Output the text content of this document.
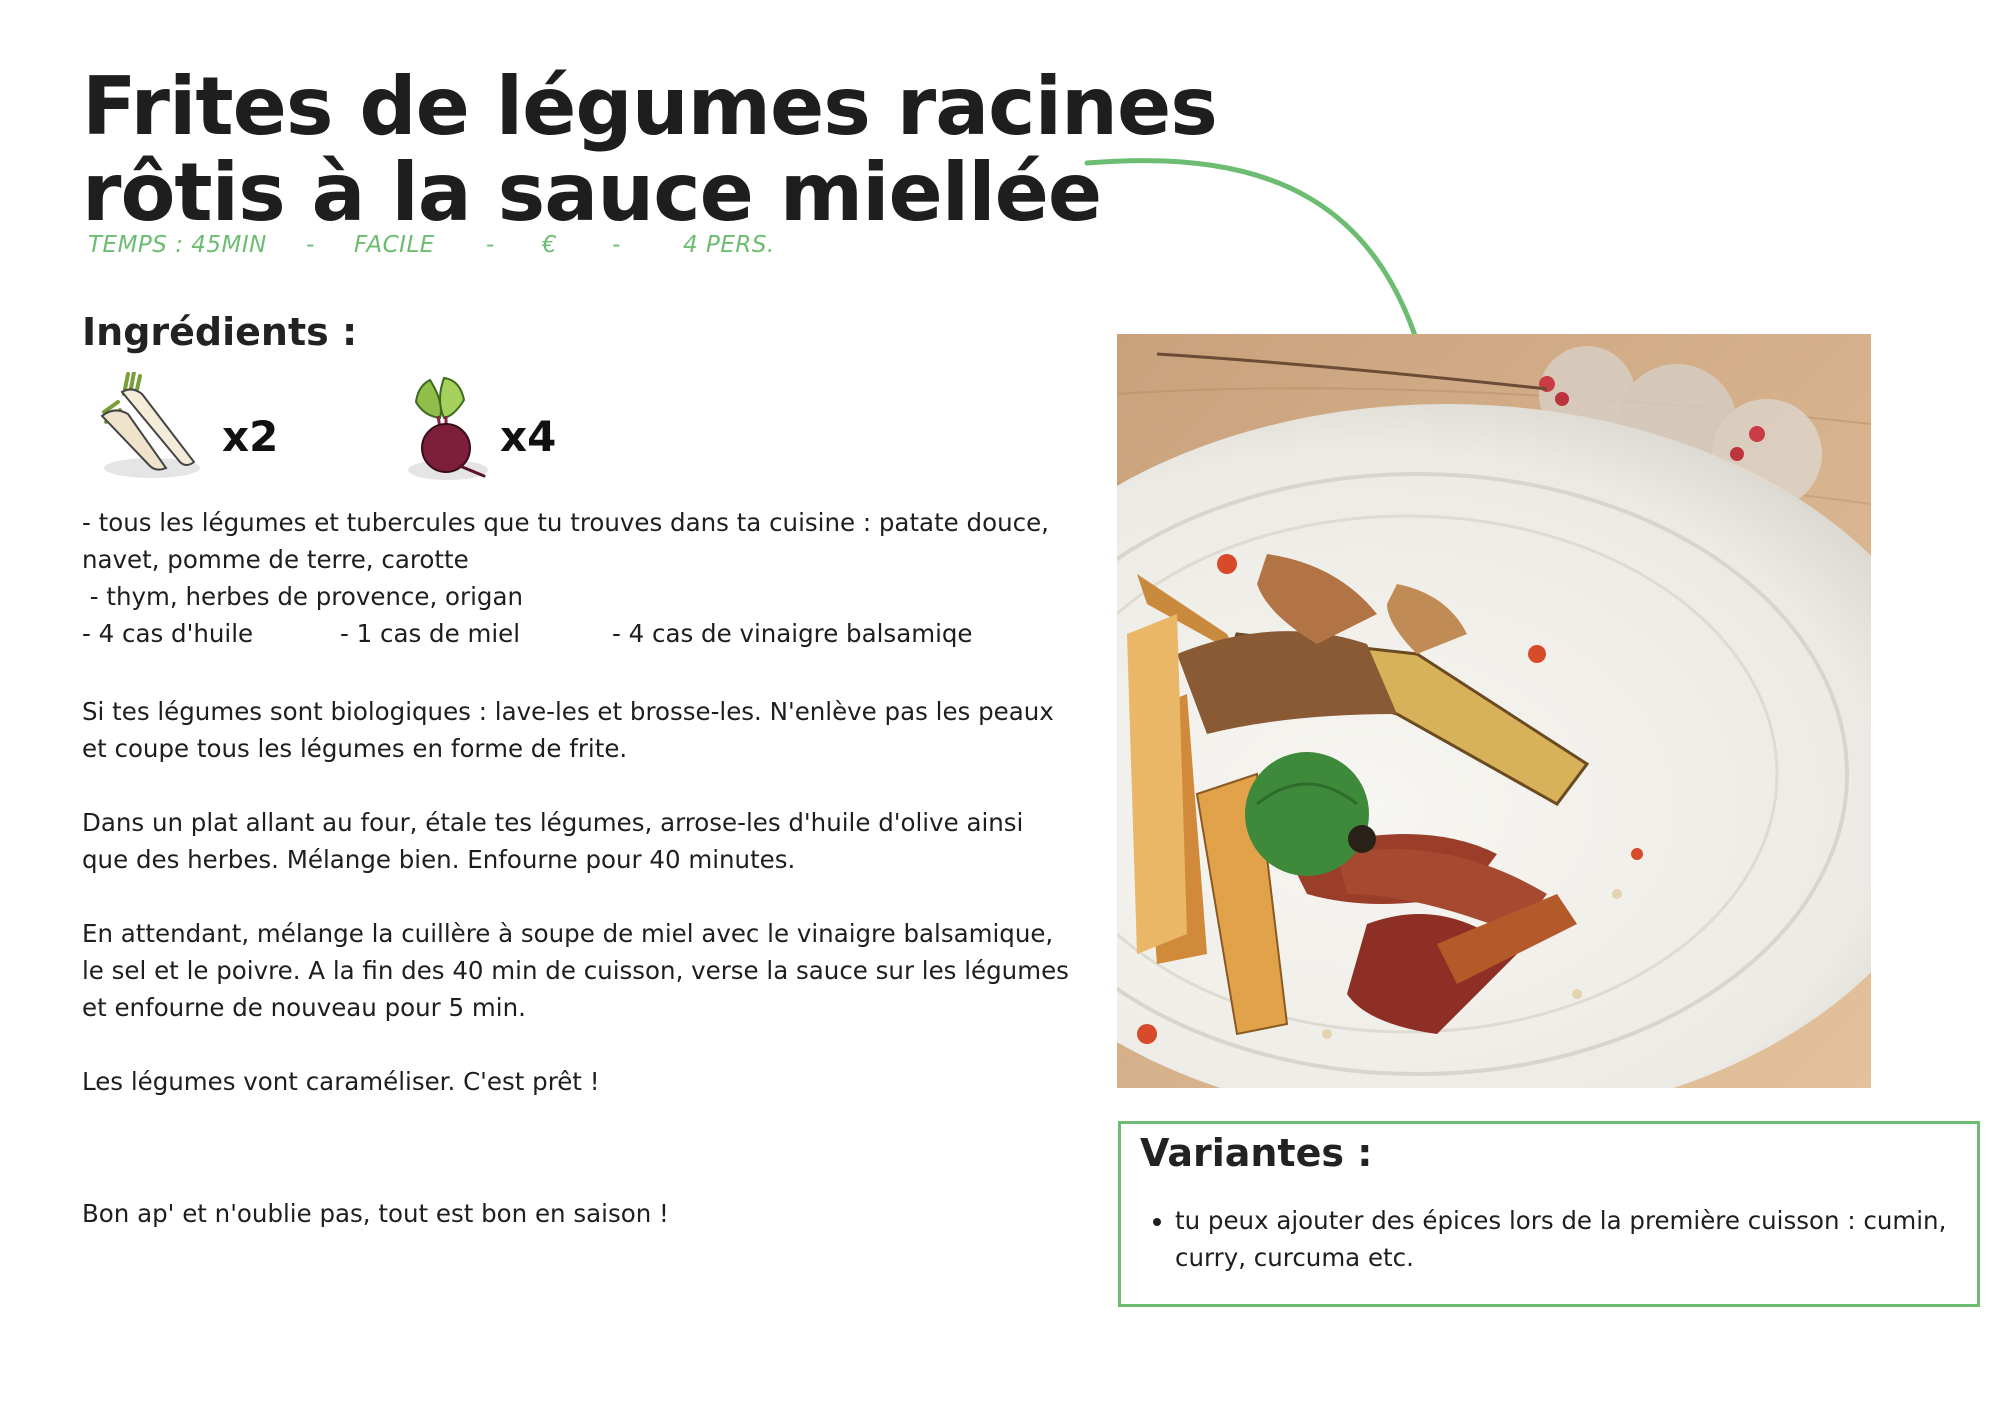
Frites de légumes racines
rôtis à la sauce miellée
TEMPS : 45MIN - FACILE - € -	4 PERS.
Ingrédients :
x2	x4

- tous les légumes et tubercules que tu trouves dans ta cuisine : patate douce, navet, pomme de terre, carotte

- thym, herbes de provence, origan

- 4 cas d'huile	- 1 cas de miel	- 4 cas de vinaigre balsamiqe

Si tes légumes sont biologiques : lave-les et brosse-les. N'enlève pas les peaux et coupe tous les légumes en forme de frite.

Dans un plat allant au four, étale tes légumes, arrose-les d'huile d'olive ainsi que des herbes. Mélange bien. Enfourne pour 40 minutes.

En attendant, mélange la cuillère à soupe de miel avec le vinaigre balsamique, le sel et le poivre. A la fin des 40 min de cuisson, verse la sauce sur les légumes et enfourne de nouveau pour 5 min.

Les légumes vont caraméliser. C'est prêt !

Bon ap' et n'oublie pas, tout est bon en saison !

Variantes :
• tu peux ajouter des épices lors de la première cuisson : cumin, curry, curcuma etc.
